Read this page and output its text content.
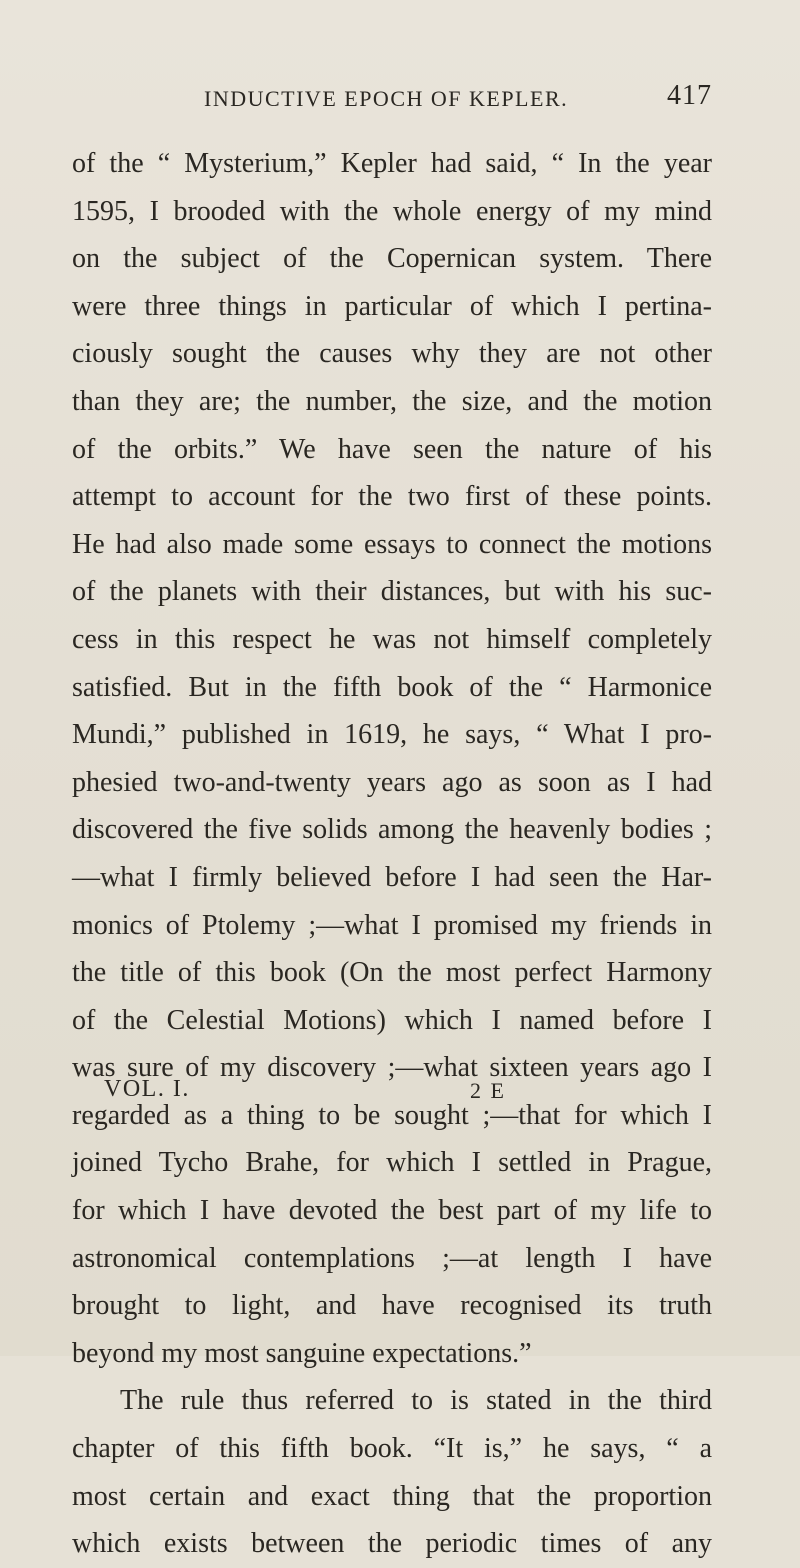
INDUCTIVE EPOCH OF KEPLER.	417
of the “ Mysterium,” Kepler had said, “ In the year
1595, I brooded with the whole energy of my mind
on the subject of the Copernican system. There
were three things in particular of which I pertina-
ciously sought the causes why they are not other
than they are; the number, the size, and the motion
of the orbits.” We have seen the nature of his
attempt to account for the two first of these points.
He had also made some essays to connect the motions
of the planets with their distances, but with his suc-
cess in this respect he was not himself completely
satisfied. But in the fifth book of the “ Harmonice
Mundi,” published in 1619, he says, “ What I pro-
phesied two-and-twenty years ago as soon as I had
discovered the five solids among the heavenly bodies ;
—what I firmly believed before I had seen the Har-
monics of Ptolemy ;—what I promised my friends in
the title of this book (On the most perfect Harmony
of the Celestial Motions) which I named before I
was sure of my discovery ;—what sixteen years ago I
regarded as a thing to be sought ;—that for which I
joined Tycho Brahe, for which I settled in Prague,
for which I have devoted the best part of my life to
astronomical contemplations ;—at length I have
brought to light, and have recognised its truth
beyond my most sanguine expectations.”
The rule thus referred to is stated in the third
chapter of this fifth book. “It is,” he says, “ a
most certain and exact thing that the proportion
which exists between the periodic times of any
VOL. I.	2 E
